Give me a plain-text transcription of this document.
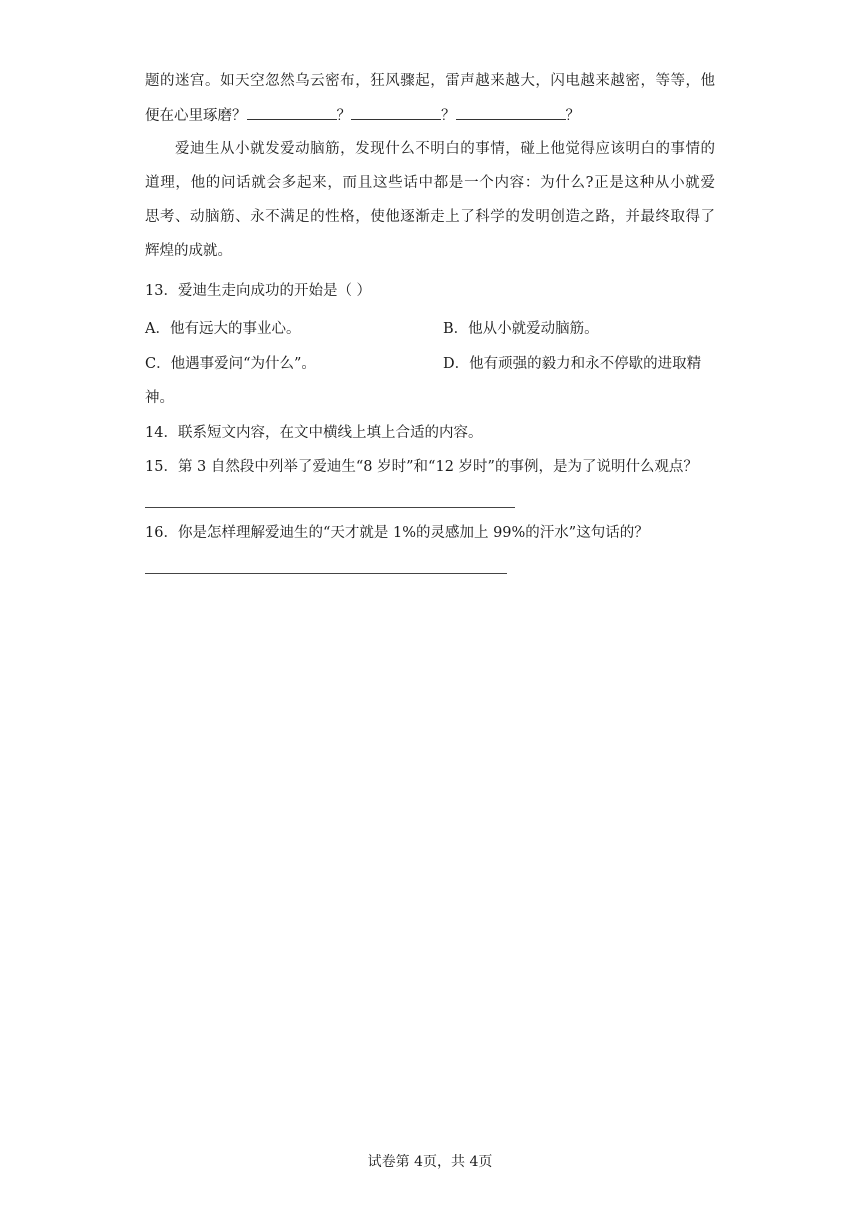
题的迷宫。如天空忽然乌云密布，狂风骤起，雷声越来越大，闪电越来越密，等等，他
便在心里琢磨？	？	？	？
爱迪生从小就发爱动脑筋，发现什么不明白的事情，碰上他觉得应该明白的事情的
道理，他的问话就会多起来，而且这些话中都是一个内容：为什么?正是这种从小就爱
思考、动脑筋、永不满足的性格，使他逐渐走上了科学的发明创造之路，并最终取得了
辉煌的成就。
13．爱迪生走向成功的开始是（ ）
A．他有远大的事业心。	B．他从小就爱动脑筋。
C．他遇事爱问“为什么”。	D．他有顽强的毅力和永不停歇的进取精
神。
14．联系短文内容，在文中横线上填上合适的内容。
15．第 3 自然段中列举了爱迪生“8 岁时”和“12 岁时”的事例，是为了说明什么观点？
16．你是怎样理解爱迪生的“天才就是 1%的灵感加上 99%的汗水”这句话的？
试卷第 4页，共 4页
